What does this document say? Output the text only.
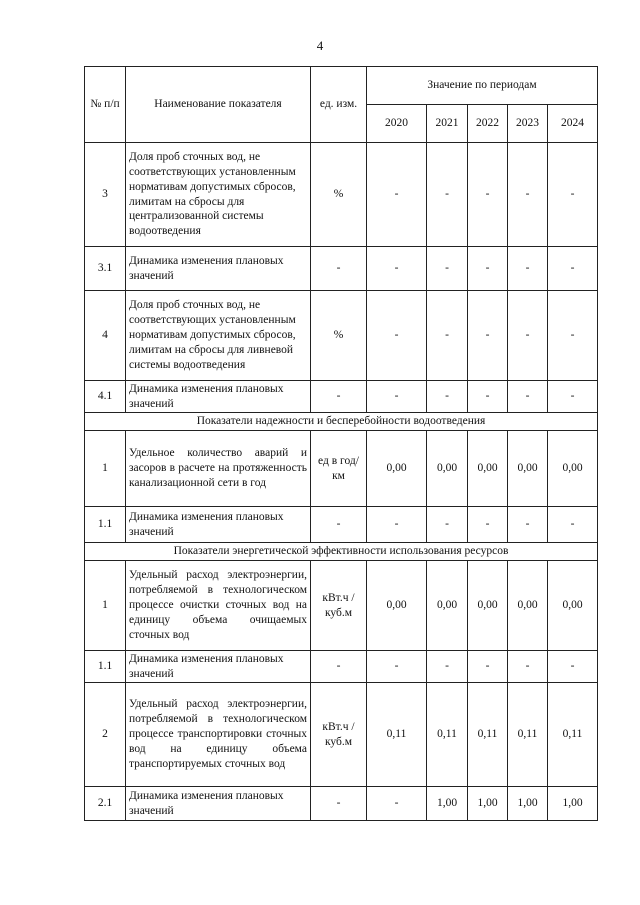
4
№ п/п	Наименование показателя	ед. изм.	Значение по периодам				
			2020	2021	2022	2023	2024
3	Доля проб сточных вод, не соответствующих установленным нормативам допустимых сбросов, лимитам на сбросы для централизованной системы водоотведения	%	-	-	-	-	-
3.1	Динамика изменения плановых значений	-	-	-	-	-	-
4	Доля проб сточных вод, не соответствующих установленным нормативам допустимых сбросов, лимитам на сбросы для ливневой системы водоотведения	%	-	-	-	-	-
4.1	Динамика изменения плановых значений	-	-	-	-	-	-
Показатели надежности и бесперебойности водоотведения							
1	Удельное количество аварий и засоров в расчете на протяженность канализационной сети в год	ед в год/ км	0,00	0,00	0,00	0,00	0,00
1.1	Динамика изменения плановых значений	-	-	-	-	-	-
Показатели энергетической эффективности использования ресурсов							
1	Удельный расход электроэнергии, потребляемой в технологическом процессе очистки сточных вод на единицу объема очищаемых сточных вод	кВт.ч / куб.м	0,00	0,00	0,00	0,00	0,00
1.1	Динамика изменения плановых значений	-	-	-	-	-	-
2	Удельный расход электроэнергии, потребляемой в технологическом процессе транспортировки сточных вод на единицу объема транспортируемых сточных вод	кВт.ч / куб.м	0,11	0,11	0,11	0,11	0,11
2.1	Динамика изменения плановых значений	-	-	1,00	1,00	1,00	1,00
